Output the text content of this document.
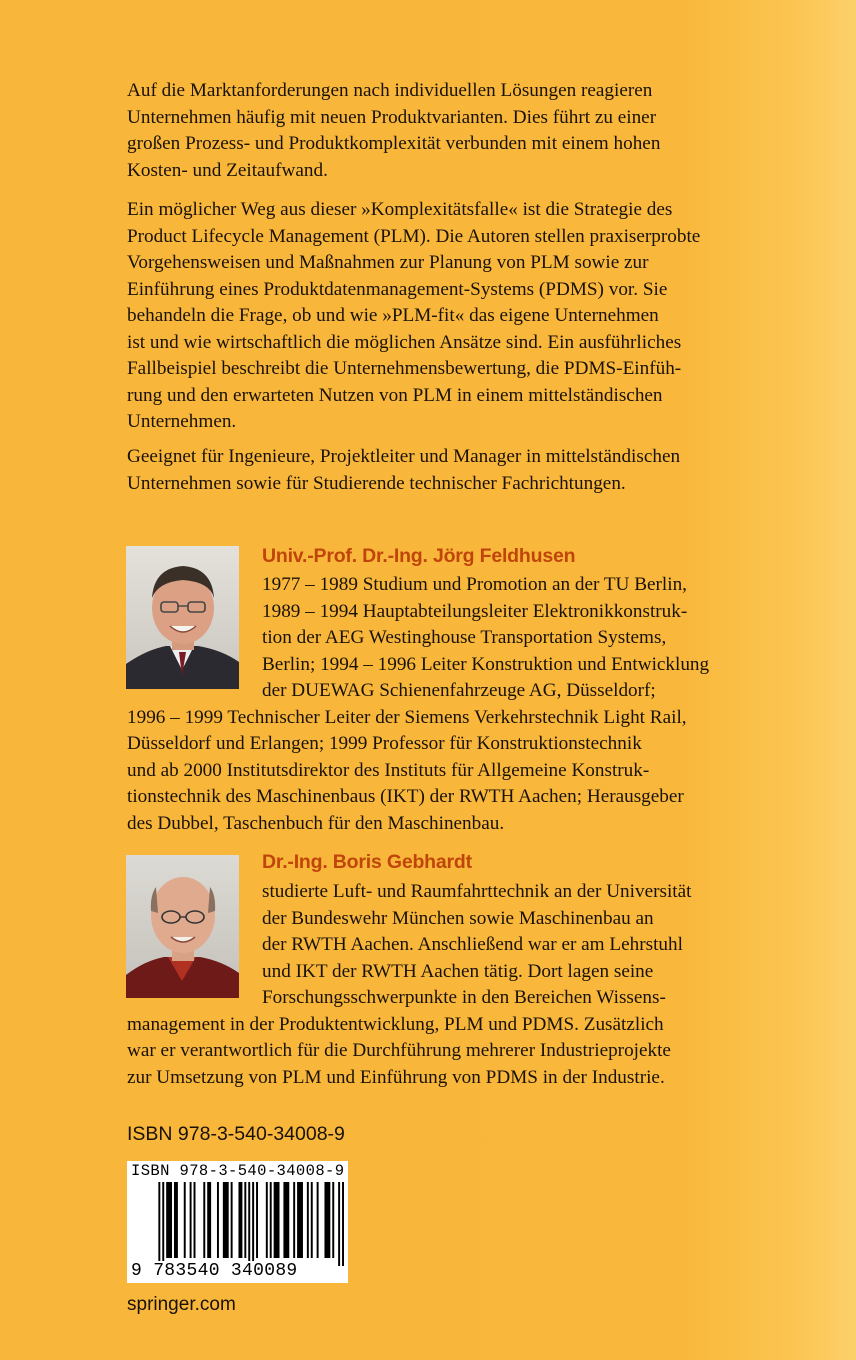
Auf die Marktanforderungen nach individuellen Lösungen reagieren
Unternehmen häufig mit neuen Produktvarianten. Dies führt zu einer
großen Prozess- und Produktkomplexität verbunden mit einem hohen
Kosten- und Zeitaufwand.

Ein möglicher Weg aus dieser »Komplexitätsfalle« ist die Strategie des
Product Lifecycle Management (PLM). Die Autoren stellen praxiserprobte
Vorgehensweisen und Maßnahmen zur Planung von PLM sowie zur
Einführung eines Produktdatenmanagement-Systems (PDMS) vor. Sie
behandeln die Frage, ob und wie »PLM-fit« das eigene Unternehmen
ist und wie wirtschaftlich die möglichen Ansätze sind. Ein ausführliches
Fallbeispiel beschreibt die Unternehmensbewertung, die PDMS-Einfüh-
rung und den erwarteten Nutzen von PLM in einem mittelständischen
Unternehmen.

Geeignet für Ingenieure, Projektleiter und Manager in mittelständischen
Unternehmen sowie für Studierende technischer Fachrichtungen.

Univ.-Prof. Dr.-Ing. Jörg Feldhusen

1977 – 1989 Studium und Promotion an der TU Berlin,
1989 – 1994 Hauptabteilungsleiter Elektronikkonstruk-
tion der AEG Westinghouse Transportation Systems,
Berlin; 1994 – 1996 Leiter Konstruktion und Entwicklung
der DUEWAG Schienenfahrzeuge AG, Düsseldorf;
1996 – 1999 Technischer Leiter der Siemens Verkehrstechnik Light Rail,
Düsseldorf und Erlangen; 1999 Professor für Konstruktionstechnik
und ab 2000 Institutsdirektor des Instituts für Allgemeine Konstruk-
tionstechnik des Maschinenbaus (IKT) der RWTH Aachen; Herausgeber
des Dubbel, Taschenbuch für den Maschinenbau.

Dr.-Ing. Boris Gebhardt

studierte Luft- und Raumfahrttechnik an der Universität
der Bundeswehr München sowie Maschinenbau an
der RWTH Aachen. Anschließend war er am Lehrstuhl
und IKT der RWTH Aachen tätig. Dort lagen seine
Forschungsschwerpunkte in den Bereichen Wissens-
management in der Produktentwicklung, PLM und PDMS. Zusätzlich
war er verantwortlich für die Durchführung mehrerer Industrieprojekte
zur Umsetzung von PLM und Einführung von PDMS in der Industrie.

ISBN 978-3-540-34008-9
ISBN 978-3-540-34008-9
9 783540 340089
springer.com
